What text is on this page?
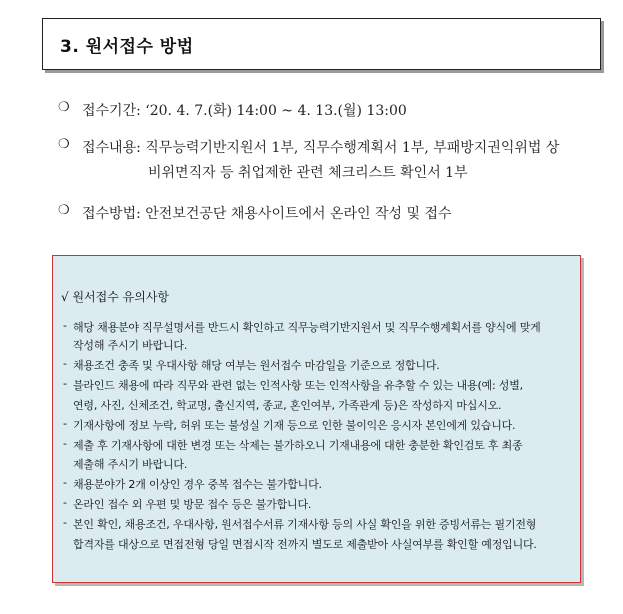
3. 원서접수 방법
❍ 접수기간: ‘20. 4. 7.(화) 14:00 ~ 4. 13.(월) 13:00
❍ 접수내용: 직무능력기반지원서 1부, 직무수행계획서 1부, 부패방지권익위법 상
비위면직자 등 취업제한 관련 체크리스트 확인서 1부
❍ 접수방법: 안전보건공단 채용사이트에서 온라인 작성 및 접수
√ 원서접수 유의사항
- 해당 채용분야 직무설명서를 반드시 확인하고 직무능력기반지원서 및 직무수행계획서를 양식에 맞게
작성해 주시기 바랍니다.
- 채용조건 충족 및 우대사항 해당 여부는 원서접수 마감일을 기준으로 정합니다.
- 블라인드 채용에 따라 직무와 관련 없는 인적사항 또는 인적사항을 유추할 수 있는 내용(예: 성별,
연령, 사진, 신체조건, 학교명, 출신지역, 종교, 혼인여부, 가족관계 등)은 작성하지 마십시오.
- 기재사항에 정보 누락, 허위 또는 불성실 기재 등으로 인한 불이익은 응시자 본인에게 있습니다.
- 제출 후 기재사항에 대한 변경 또는 삭제는 불가하오니 기재내용에 대한 충분한 확인검토 후 최종
제출해 주시기 바랍니다.
- 채용분야가 2개 이상인 경우 중복 접수는 불가합니다.
- 온라인 접수 외 우편 및 방문 접수 등은 불가합니다.
- 본인 확인, 채용조건, 우대사항, 원서접수서류 기재사항 등의 사실 확인을 위한 증빙서류는 필기전형
합격자를 대상으로 면접전형 당일 면접시작 전까지 별도로 제출받아 사실여부를 확인할 예정입니다.
